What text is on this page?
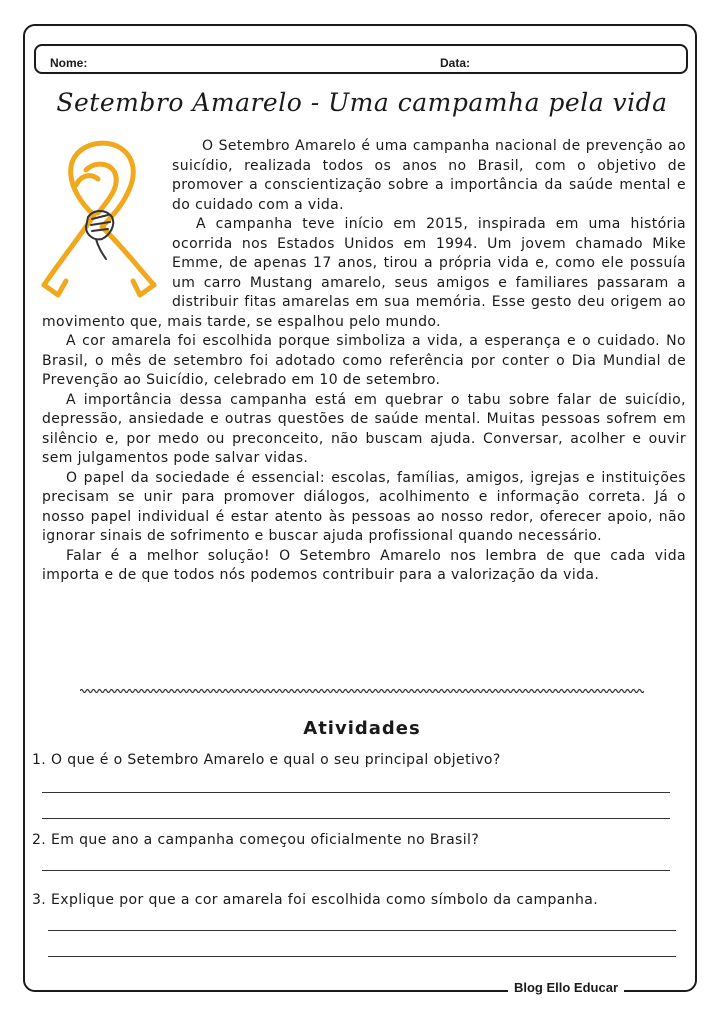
Nome:	Data:
Setembro Amarelo - Uma campamha pela vida

O Setembro Amarelo é uma campanha nacional de prevenção ao suicídio, realizada todos os anos no Brasil, com o objetivo de promover a conscientização sobre a importância da saúde mental e do cuidado com a vida.

A campanha teve início em 2015, inspirada em uma história ocorrida nos Estados Unidos em 1994. Um jovem chamado Mike Emme, de apenas 17 anos, tirou a própria vida e, como ele possuía um carro Mustang amarelo, seus amigos e familiares passaram a distribuir fitas amarelas em sua memória. Esse gesto deu origem ao movimento que, mais tarde, se espalhou pelo mundo.

A cor amarela foi escolhida porque simboliza a vida, a esperança e o cuidado. No Brasil, o mês de setembro foi adotado como referência por conter o Dia Mundial de Prevenção ao Suicídio, celebrado em 10 de setembro.

A importância dessa campanha está em quebrar o tabu sobre falar de suicídio, depressão, ansiedade e outras questões de saúde mental. Muitas pessoas sofrem em silêncio e, por medo ou preconceito, não buscam ajuda. Conversar, acolher e ouvir sem julgamentos pode salvar vidas.

O papel da sociedade é essencial: escolas, famílias, amigos, igrejas e instituições precisam se unir para promover diálogos, acolhimento e informação correta. Já o nosso papel individual é estar atento às pessoas ao nosso redor, oferecer apoio, não ignorar sinais de sofrimento e buscar ajuda profissional quando necessário.

Falar é a melhor solução! O Setembro Amarelo nos lembra de que cada vida importa e de que todos nós podemos contribuir para a valorização da vida.

Atividades
1. O que é o Setembro Amarelo e qual o seu principal objetivo?
2. Em que ano a campanha começou oficialmente no Brasil?
3. Explique por que a cor amarela foi escolhida como símbolo da campanha.
Blog Ello Educar
